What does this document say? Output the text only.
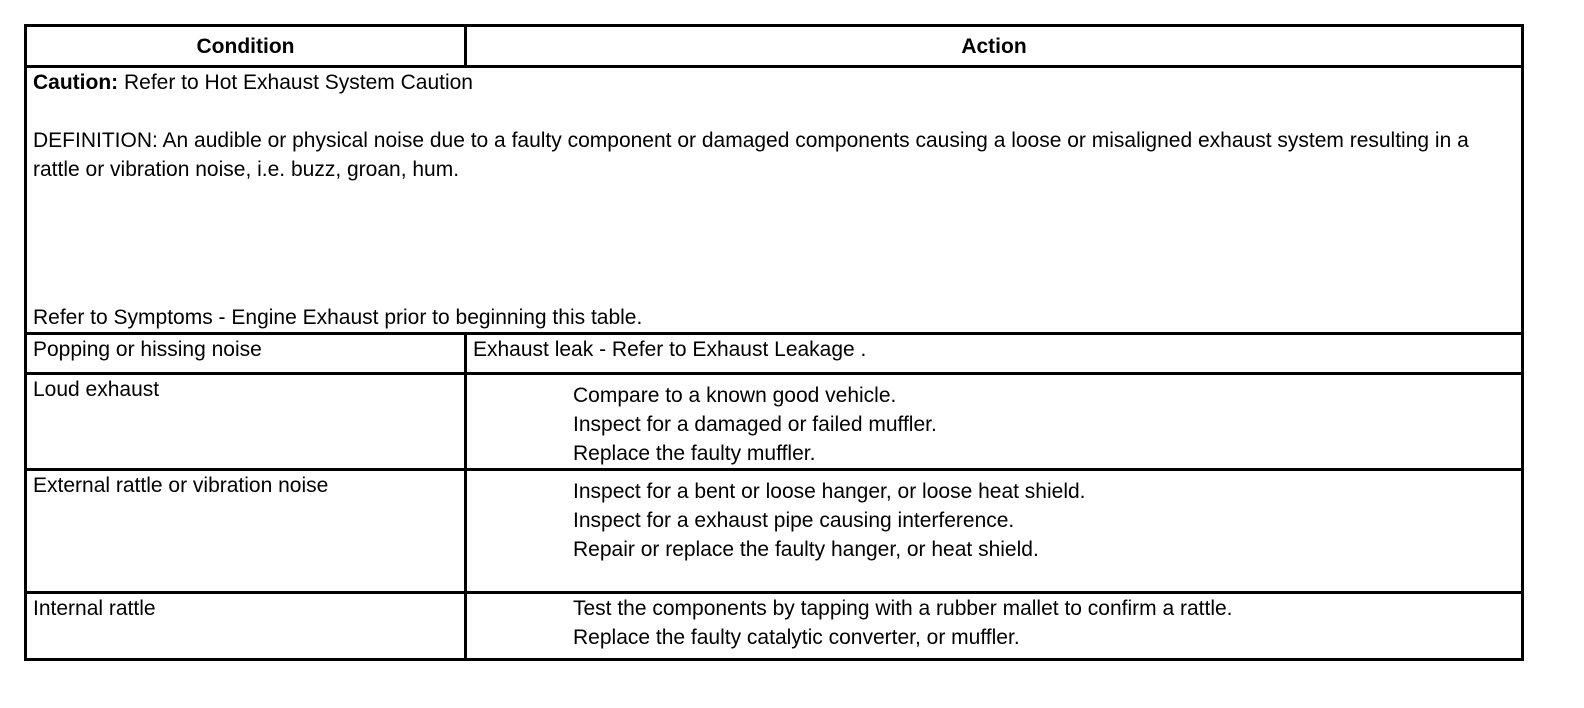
Condition	Action

Caution: Refer to Hot Exhaust System Caution
DEFINITION: An audible or physical noise due to a faulty component or damaged components causing a loose or misaligned exhaust system resulting in a rattle or vibration noise, i.e. buzz, groan, hum.
Refer to Symptoms - Engine Exhaust prior to beginning this table.	

Popping or hissing noise	Exhaust leak - Refer to Exhaust Leakage .
Loud exhaust	Compare to a known good vehicle.
Inspect for a damaged or failed muffler.
Replace the faulty muffler.

External rattle or vibration noise	Inspect for a bent or loose hanger, or loose heat shield.
Inspect for a exhaust pipe causing interference.
Repair or replace the faulty hanger, or heat shield.

Internal rattle	Test the components by tapping with a rubber mallet to confirm a rattle.
Replace the faulty catalytic converter, or muffler.
